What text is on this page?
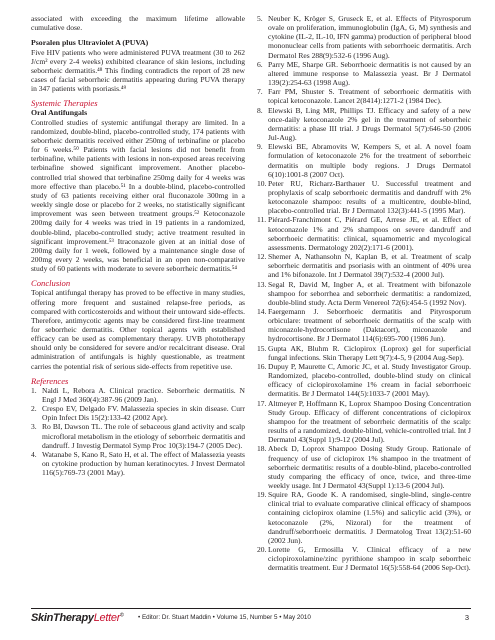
associated with exceeding the maximum lifetime allowable cumulative dose.

Psoralen plus Ultraviolet A (PUVA)

Five HIV patients who were administered PUVA treatment (30 to 262 J/cm² every 2-4 weeks) exhibited clearance of skin lesions, including seborrheic dermatitis.⁴⁸ This finding contradicts the report of 28 new cases of facial seborrheic dermatitis appearing during PUVA therapy in 347 patients with psoriasis.⁴⁹

Systemic Therapies
Oral Antifungals

Controlled studies of systemic antifungal therapy are limited. In a randomized, double-blind, placebo-controlled study, 174 patients with seborrheic dermatitis received either 250mg of terbinafine or placebo for 6 weeks.⁵⁰ Patients with facial lesions did not benefit from terbinafine, while patients with lesions in non-exposed areas receiving terbinafine showed significant improvement. Another placebo-controlled trial showed that terbinafine 250mg daily for 4 weeks was more effective than placebo.⁵¹ In a double-blind, placebo-controlled study of 63 patients receiving either oral fluconazole 300mg in a weekly single dose or placebo for 2 weeks, no statistically significant improvement was seen between treatment groups.⁵² Ketoconazole 200mg daily for 4 weeks was tried in 19 patients in a randomized, double-blind, placebo-controlled study; active treatment resulted in significant improvement.⁵³ Itraconazole given at an initial dose of 200mg daily for 1 week, followed by a maintenance single dose of 200mg every 2 weeks, was beneficial in an open non-comparative study of 60 patients with moderate to severe seborrheic dermatitis.⁵⁴

Conclusion

Topical antifungal therapy has proved to be effective in many studies, offering more frequent and sustained relapse-free periods, as compared with corticosteroids and without their untoward side-effects. Therefore, antimycotic agents may be considered first-line treatment for seborrheic dermatitis. Other topical agents with established efficacy can be used as complementary therapy. UVB phototherapy should only be considered for severe and/or recalcitrant disease. Oral administration of antifungals is highly questionable, as treatment carries the potential risk of serious side-effects from repetitive use.

References
1. Naldi L, Rebora A. Clinical practice. Seborrheic dermatitis. N Engl J Med 360(4):387-96 (2009 Jan).
2. Crespo EV, Delgado FV. Malassezia species in skin disease. Curr Opin Infect Dis 15(2):133-42 (2002 Apr).
3. Ro BI, Dawson TL. The role of sebaceous gland activity and scalp microfloral metabolism in the etiology of seborrheic dermatitis and dandruff. J Investig Dermatol Symp Proc 10(3):194-7 (2005 Dec).
4. Watanabe S, Kano R, Sato H, et al. The effect of Malassezia yeasts on cytokine production by human keratinocytes. J Invest Dermatol 116(5):769-73 (2001 May).
5. Neuber K, Kröger S, Gruseck E, et al. Effects of Pityrosporum ovale on proliferation, immunoglobulin (IgA, G, M) synthesis and cytokine (IL-2, IL-10, IFN gamma) production of peripheral blood mononuclear cells from patients with seborrhoeic dermatitis. Arch Dermatol Res 288(9):532-6 (1996 Aug).
6. Parry ME, Sharpe GR. Seborrhoeic dermatitis is not caused by an altered immune response to Malassezia yeast. Br J Dermatol 139(2):254-63 (1998 Aug).
7. Farr PM, Shuster S. Treatment of seborrhoeic dermatitis with topical ketoconazole. Lancet 2(8414):1271-2 (1984 Dec).
8. Elewski B, Ling MR, Phillips TJ. Efficacy and safety of a new once-daily ketoconazole 2% gel in the treatment of seborrheic dermatitis: a phase III trial. J Drugs Dermatol 5(7):646-50 (2006 Jul-Aug).
9. Elewski BE, Abramovits W, Kempers S, et al. A novel foam formulation of ketoconazole 2% for the treatment of seborrheic dermatitis on multiple body regions. J Drugs Dermatol 6(10):1001-8 (2007 Oct).
10. Peter RU, Richarz-Barthauer U. Successful treatment and prophylaxis of scalp seborrhoeic dermatitis and dandruff with 2% ketoconazole shampoo: results of a multicentre, double-blind, placebo-controlled trial. Br J Dermatol 132(3):441-5 (1995 Mar).
11. Piérard-Franchimont C, Piérard GE, Arrese JE, et al. Effect of ketoconazole 1% and 2% shampoos on severe dandruff and seborrhoeic dermatitis: clinical, squamometric and mycological assessments. Dermatology 202(2):171-6 (2001).
12. Shemer A, Nathansohn N, Kaplan B, et al. Treatment of scalp seborrheic dermatitis and psoriasis with an ointment of 40% urea and 1% bifonazole. Int J Dermatol 39(7):532-4 (2000 Jul).
13. Segal R, David M, Ingber A, et al. Treatment with bifonazole shampoo for seborrhea and seborrheic dermatitis: a randomized, double-blind study. Acta Derm Venereol 72(6):454-5 (1992 Nov).
14. Faergemann J. Seborrhoeic dermatitis and Pityrosporum orbiculare: treatment of seborrhoeic dermatitis of the scalp with miconazole-hydrocortisone (Daktacort), miconazole and hydrocortisone. Br J Dermatol 114(6):695-700 (1986 Jun).
15. Gupta AK, Bluhm R. Ciclopirox (Loprox) gel for superficial fungal infections. Skin Therapy Lett 9(7):4-5, 9 (2004 Aug-Sep).
16. Dupuy P, Maurette C, Amoric JC, et al. Study Investigator Group. Randomized, placebo-controlled, double-blind study on clinical efficacy of ciclopiroxolamine 1% cream in facial seborrhoeic dermatitis. Br J Dermatol 144(5):1033-7 (2001 May).
17. Altmeyer P, Hoffmann K, Loprox Shampoo Dosing Concentration Study Group. Efficacy of different concentrations of ciclopirox shampoo for the treatment of seborrheic dermatitis of the scalp: results of a randomized, double-blind, vehicle-controlled trial. Int J Dermatol 43(Suppl 1):9-12 (2004 Jul).
18. Abeck D, Loprox Shampoo Dosing Study Group. Rationale of frequency of use of ciclopirox 1% shampoo in the treatment of seborrheic dermatitis: results of a double-blind, placebo-controlled study comparing the efficacy of once, twice, and three-time weekly usage. Int J Dermatol 43(Suppl 1):13-6 (2004 Jul).
19. Squire RA, Goode K. A randomised, single-blind, single-centre clinical trial to evaluate comparative clinical efficacy of shampoos containing ciclopirox olamine (1.5%) and salicylic acid (3%), or ketoconazole (2%, Nizoral) for the treatment of dandruff/seborrhoeic dermatitis. J Dermatolog Treat 13(2):51-60 (2002 Jun).
20. Lorette G, Ermosilla V. Clinical efficacy of a new ciclopiroxolamine/zinc pyrithione shampoo in scalp seborrheic dermatitis treatment. Eur J Dermatol 16(5):558-64 (2006 Sep-Oct).
SkinTherapyLetter© • Editor: Dr. Stuart Maddin • Volume 15, Number 5 • May 2010	3
